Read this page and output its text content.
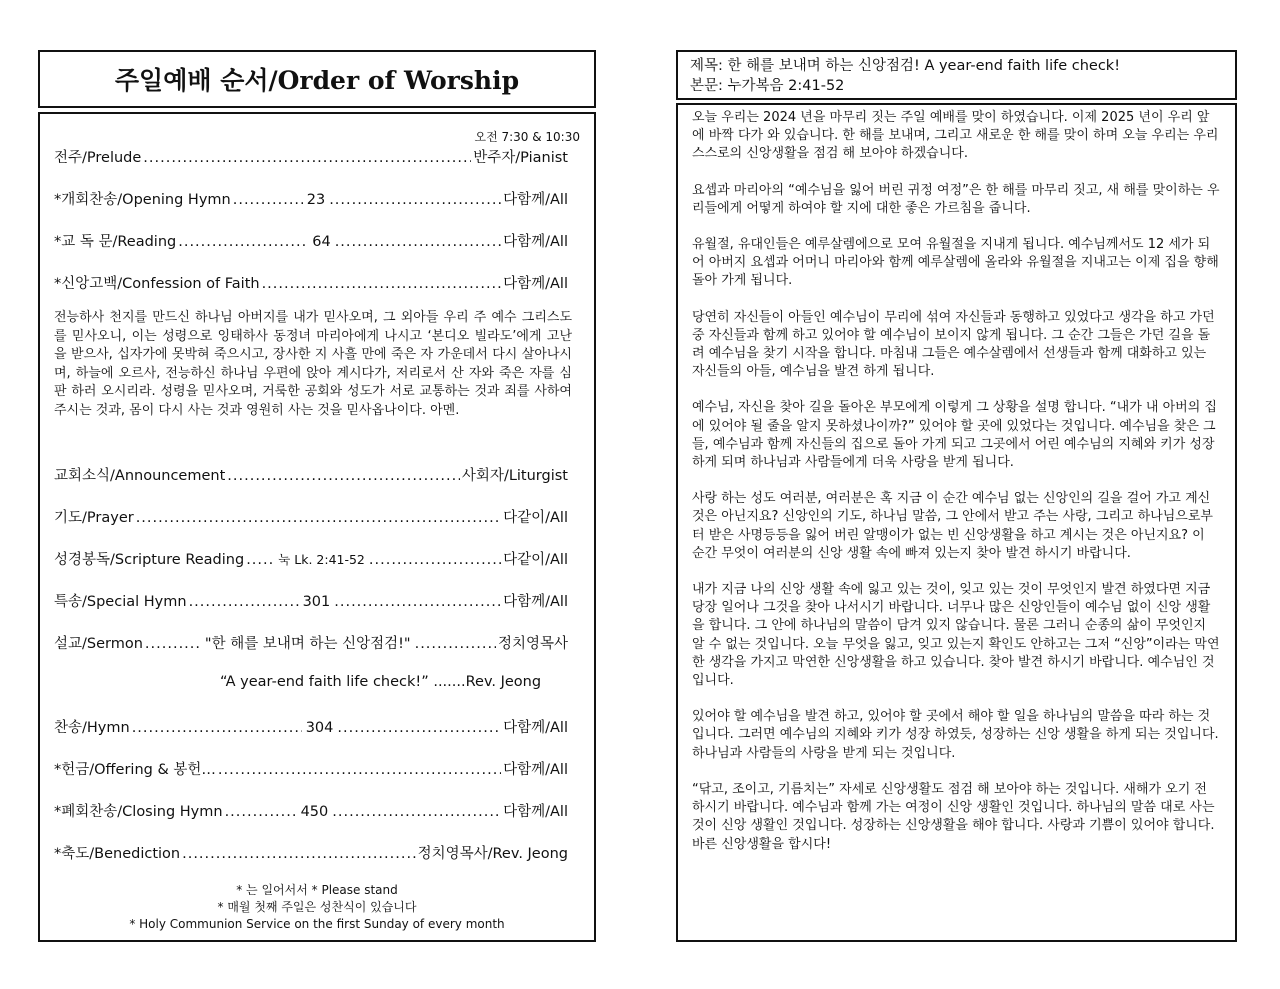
주일예배 순서/Order of Worship
오전 7:30 & 10:30
전주/Prelude .....	반주자/Pianist
*개회찬송/Opening Hymn .....	23 .....	다함께/All
*교 독 문/Reading .....	64 .....	다함께/All
*신앙고백/Confession of Faith .....	다함께/All
전능하사 천지를 만드신 하나님 아버지를 내가 믿사오며, 그 외아들 우리 주 예수 그리스도를 믿사오니, 이는 성령으로 잉태하사 동정녀 마리아에게 나시고 ‘본디오 빌라도’에게 고난을 받으사, 십자가에 못박혀 죽으시고, 장사한 지 사흘 만에 죽은 자 가운데서 다시 살아나시며, 하늘에 오르사, 전능하신 하나님 우편에 앉아 계시다가, 저리로서 산 자와 죽은 자를 심판 하러 오시리라. 성령을 믿사오며, 거룩한 공회와 성도가 서로 교통하는 것과 죄를 사하여 주시는 것과, 몸이 다시 사는 것과 영원히 사는 것을 믿사옵나이다. 아멘.
교회소식/Announcement .....	사회자/Liturgist
기도/Prayer .....	다같이/All
성경봉독/Scripture Reading .....	눅 Lk. 2:41-52 .....	다같이/All
특송/Special Hymn .....	301 .....	다함께/All
설교/Sermon .....	"한 해를 보내며 하는 신앙점검!" .....	정치영목사
“A year-end faith life check!” .......Rev. Jeong
찬송/Hymn .....	304 .....	다함께/All
*헌금/Offering & 봉헌… .....	다함께/All
*폐회찬송/Closing Hymn .....	450 .....	다함께/All
*축도/Benediction .....	정치영목사/Rev. Jeong
* 는 일어서서 * Please stand
* 매월 첫째 주일은 성찬식이 있습니다
* Holy Communion Service on the first Sunday of every month
제목: 한 해를 보내며 하는 신앙점검! A year-end faith life check!
본문: 누가복음 2:41-52

오늘 우리는 2024 년을 마무리 짓는 주일 예배를 맞이 하였습니다. 이제 2025 년이 우리 앞에 바짝 다가 와 있습니다. 한 해를 보내며, 그리고 새로운 한 해를 맞이 하며 오늘 우리는 우리 스스로의 신앙생활을 점검 해 보아야 하겠습니다.

요셉과 마리아의 “예수님을 잃어 버린 귀정 여정”은 한 해를 마무리 짓고, 새 해를 맞이하는 우리들에게 어떻게 하여야 할 지에 대한 좋은 가르침을 줍니다.

유월절, 유대인들은 예루살렘에으로 모여 유월절을 지내게 됩니다. 예수님께서도 12 세가 되어 아버지 요셉과 어머니 마리아와 함께 예루살렘에 올라와 유월절을 지내고는 이제 집을 향해 돌아 가게 됩니다.

당연히 자신들이 아들인 예수님이 무리에 섞여 자신들과 동행하고 있었다고 생각을 하고 가던 중 자신들과 함께 하고 있어야 할 예수님이 보이지 않게 됩니다. 그 순간 그들은 가던 길을 돌려 예수님을 찾기 시작을 합니다. 마침내 그들은 예수살렘에서 선생들과 함께 대화하고 있는 자신들의 아들, 예수님을 발견 하게 됩니다.

예수님, 자신을 찾아 길을 돌아온 부모에게 이렇게 그 상황을 설명 합니다. “내가 내 아버의 집에 있어야 될 줄을 알지 못하셨나이까?” 있어야 할 곳에 있었다는 것입니다. 예수님을 찾은 그들, 예수님과 함께 자신들의 집으로 돌아 가게 되고 그곳에서 어린 예수님의 지혜와 키가 성장 하게 되며 하나님과 사람들에게 더욱 사랑을 받게 됩니다.

사랑 하는 성도 여러분, 여러분은 혹 지금 이 순간 예수님 없는 신앙인의 길을 걸어 가고 계신 것은 아닌지요? 신앙인의 기도, 하나님 말씀, 그 안에서 받고 주는 사랑, 그리고 하나님으로부터 받은 사명등등을 잃어 버린 알맹이가 없는 빈 신앙생활을 하고 계시는 것은 아닌지요? 이 순간 무엇이 여러분의 신앙 생활 속에 빠져 있는지 찾아 발견 하시기 바랍니다.

내가 지금 나의 신앙 생활 속에 잃고 있는 것이, 잊고 있는 것이 무엇인지 발견 하였다면 지금 당장 일어나 그것을 찾아 나서시기 바랍니다. 너무나 많은 신앙인들이 예수님 없이 신앙 생활을 합니다. 그 안에 하나님의 말씀이 담겨 있지 않습니다. 물론 그러니 순종의 삶이 무엇인지 알 수 없는 것입니다. 오늘 무엇을 잃고, 잊고 있는지 확인도 안하고는 그저 “신앙”이라는 막연한 생각을 가지고 막연한 신앙생활을 하고 있습니다. 찾아 발견 하시기 바랍니다. 예수님인 것입니다.

있어야 할 예수님을 발견 하고, 있어야 할 곳에서 해야 할 일을 하나님의 말씀을 따라 하는 것입니다. 그러면 예수님의 지혜와 키가 성장 하였듯, 성장하는 신앙 생활을 하게 되는 것입니다. 하나님과 사람들의 사랑을 받게 되는 것입니다.

“닦고, 조이고, 기름치는” 자세로 신앙생활도 점검 해 보아야 하는 것입니다. 새해가 오기 전 하시기 바랍니다. 예수님과 함께 가는 여정이 신앙 생활인 것입니다. 하나님의 말씀 대로 사는 것이 신앙 생활인 것입니다. 성장하는 신앙생활을 해야 합니다. 사랑과 기쁨이 있어야 합니다. 바른 신앙생활을 합시다!
